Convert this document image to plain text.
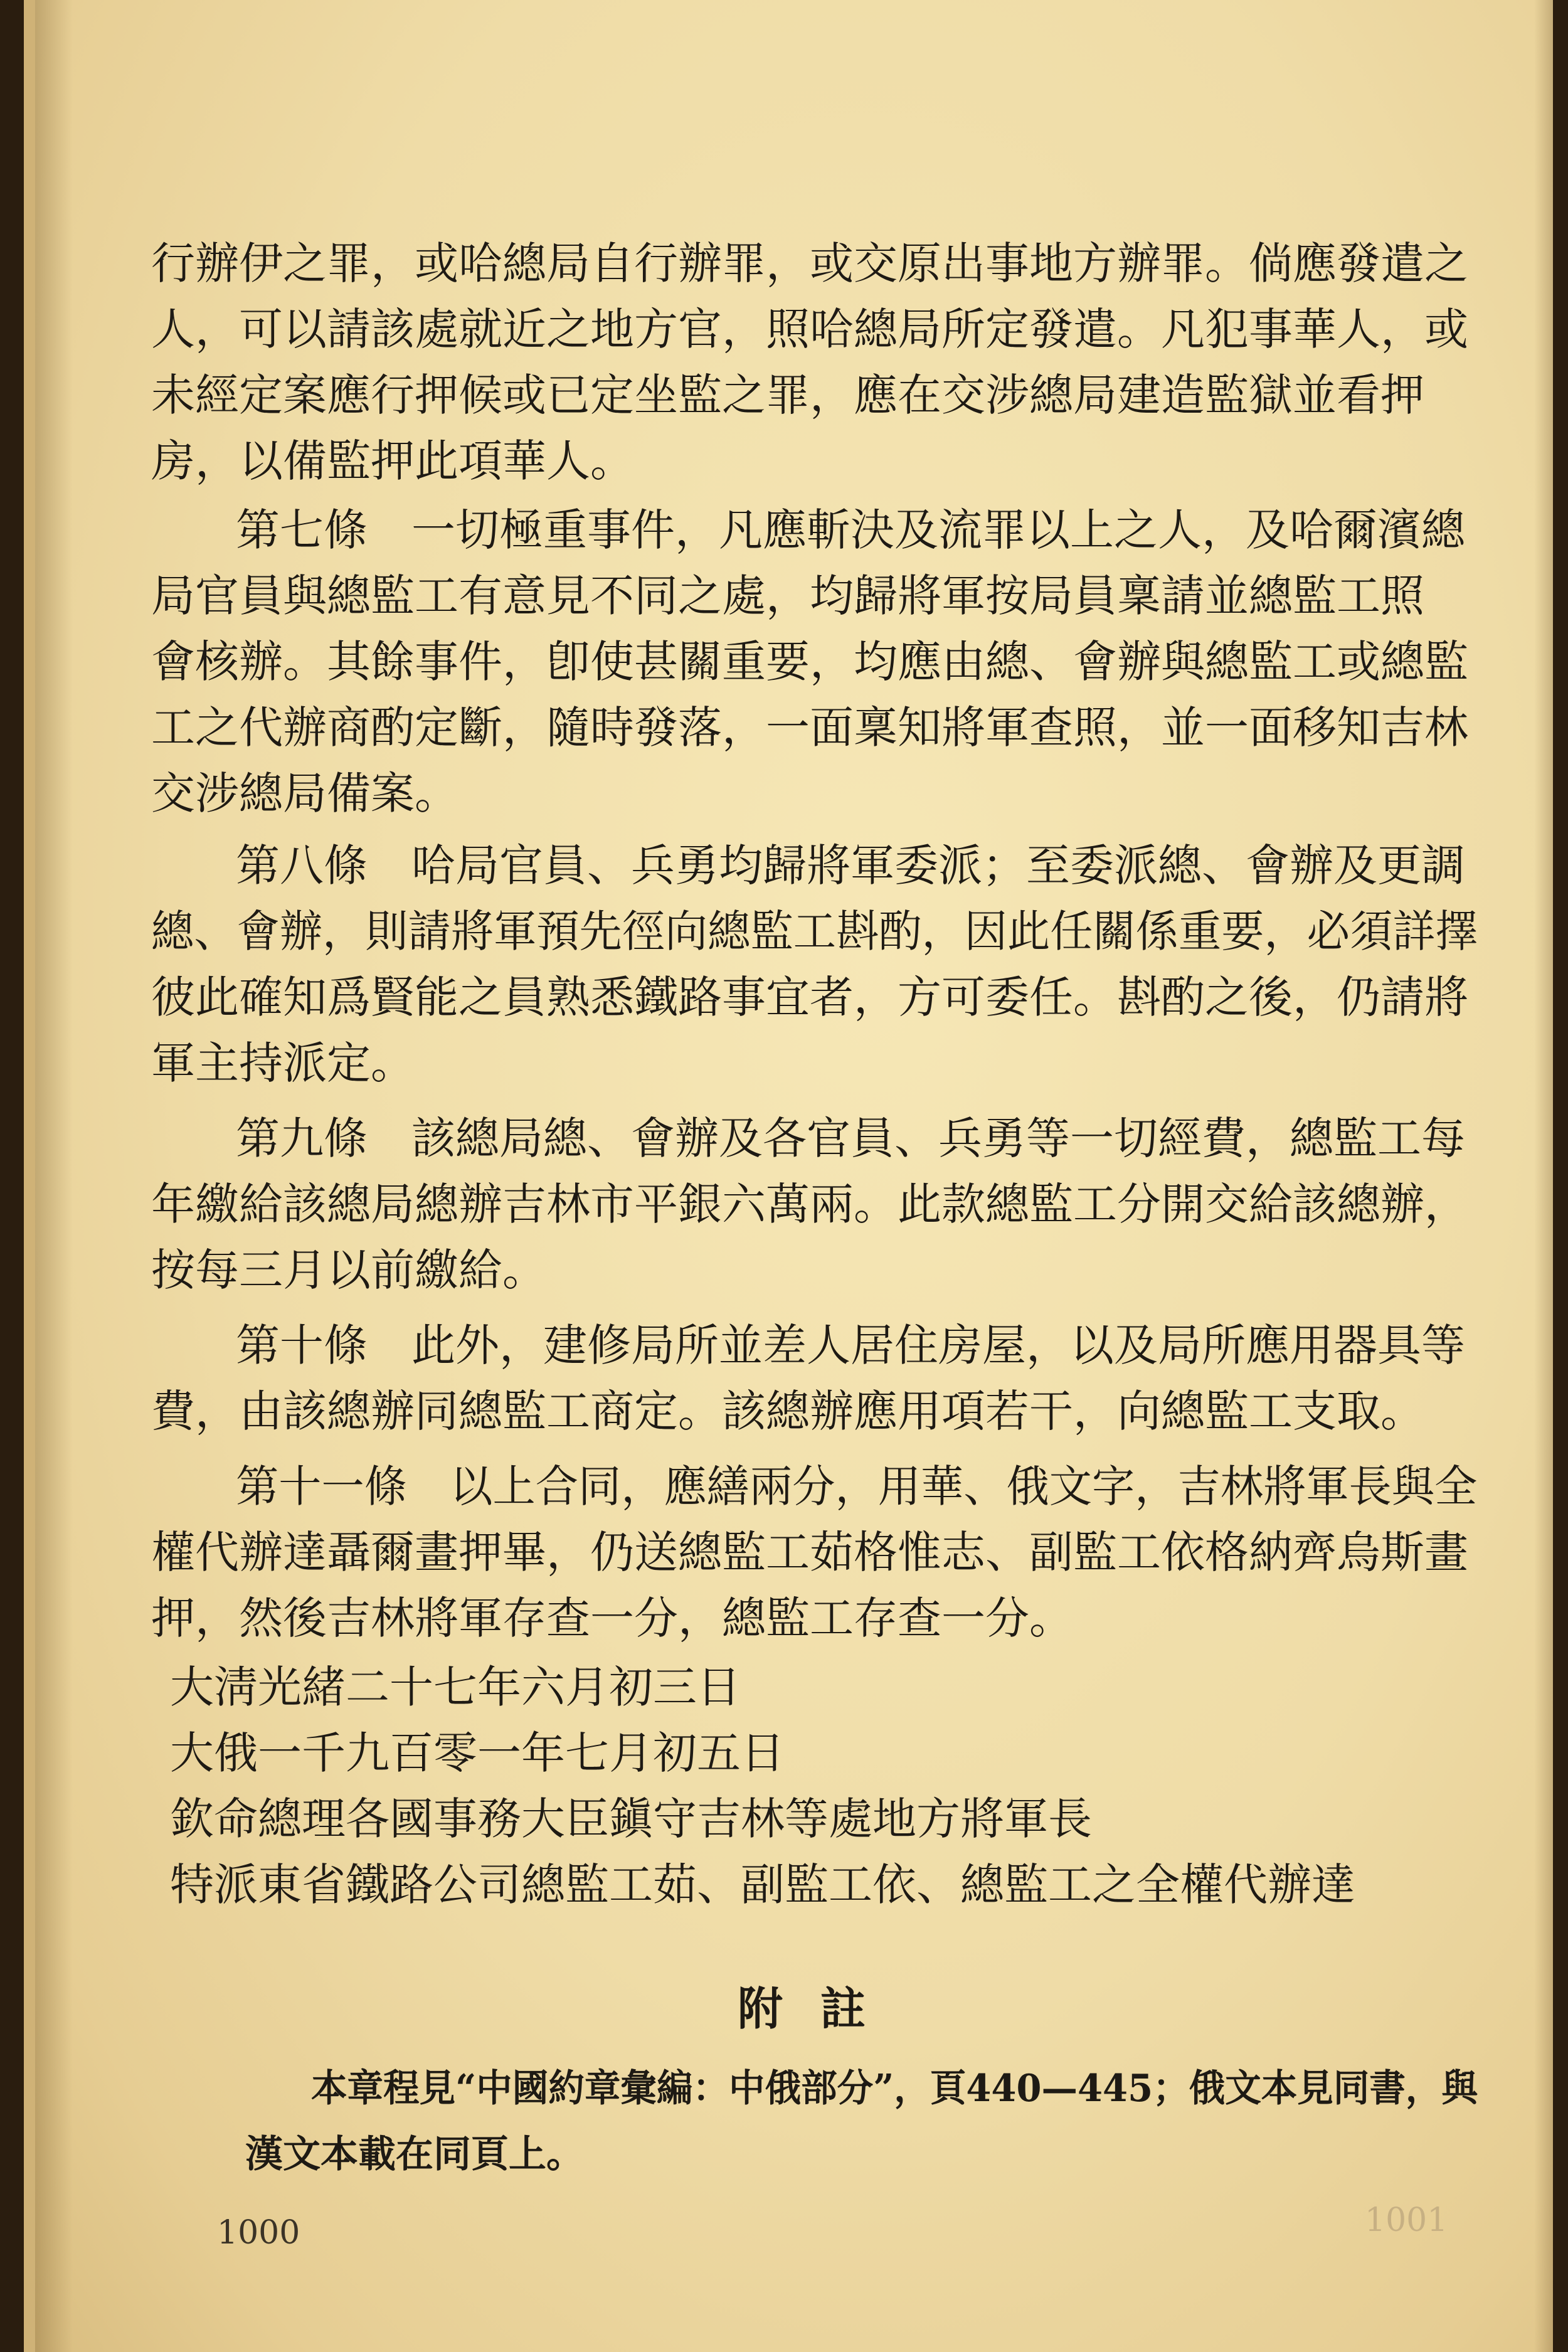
行辦伊之罪，或哈總局自行辦罪，或交原出事地方辦罪。倘應發遣之
人，可以請該處就近之地方官，照哈總局所定發遣。凡犯事華人，或
未經定案應行押候或已定坐監之罪，應在交涉總局建造監獄並看押
房，以備監押此項華人。
第七條　一切極重事件，凡應斬決及流罪以上之人，及哈爾濱總
局官員與總監工有意見不同之處，均歸將軍按局員稟請並總監工照
會核辦。其餘事件，卽使甚關重要，均應由總、會辦與總監工或總監
工之代辦商酌定斷，隨時發落，一面稟知將軍查照，並一面移知吉林
交涉總局備案。
第八條　哈局官員、兵勇均歸將軍委派；至委派總、會辦及更調
總、會辦，則請將軍預先徑向總監工斟酌，因此任關係重要，必須詳擇
彼此確知爲賢能之員熟悉鐵路事宜者，方可委任。斟酌之後，仍請將
軍主持派定。
第九條　該總局總、會辦及各官員、兵勇等一切經費，總監工每
年繳給該總局總辦吉林市平銀六萬兩。此款總監工分開交給該總辦，
按每三月以前繳給。
第十條　此外，建修局所並差人居住房屋，以及局所應用器具等
費，由該總辦同總監工商定。該總辦應用項若干，向總監工支取。
第十一條　以上合同，應繕兩分，用華、俄文字，吉林將軍長與全
權代辦達聶爾畫押畢，仍送總監工茹格惟志、副監工依格納齊烏斯畫
押，然後吉林將軍存查一分，總監工存查一分。
大淸光緒二十七年六月初三日
大俄一千九百零一年七月初五日
欽命總理各國事務大臣鎭守吉林等處地方將軍長
特派東省鐵路公司總監工茹、副監工依、總監工之全權代辦達
附註
本章程見“中國約章彙編：中俄部分”，頁440—445；俄文本見同書，與
漢文本載在同頁上。
1000	1001
